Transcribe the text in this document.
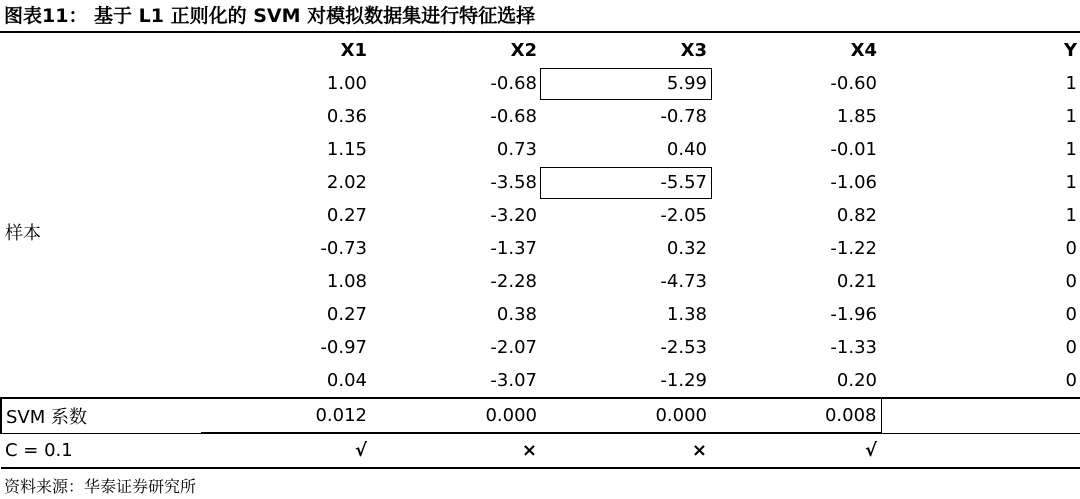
图表11： 基于 L1 正则化的 SVM 对模拟数据集进行特征选择
	X1	X2	X3	X4	Y
样本	1.00	-0.68	5.99	-0.60	1
	0.36	-0.68	-0.78	1.85	1
	1.15	0.73	0.40	-0.01	1
	2.02	-3.58	-5.57	-1.06	1
	0.27	-3.20	-2.05	0.82	1
	-0.73	-1.37	0.32	-1.22	0
	1.08	-2.28	-4.73	0.21	0
	0.27	0.38	1.38	-1.96	0
	-0.97	-2.07	-2.53	-1.33	0
	0.04	-3.07	-1.29	0.20	0
SVM 系数	0.012	0.000	0.000	0.008	
C = 0.1	√	×	×	√	
资料来源：华泰证券研究所
